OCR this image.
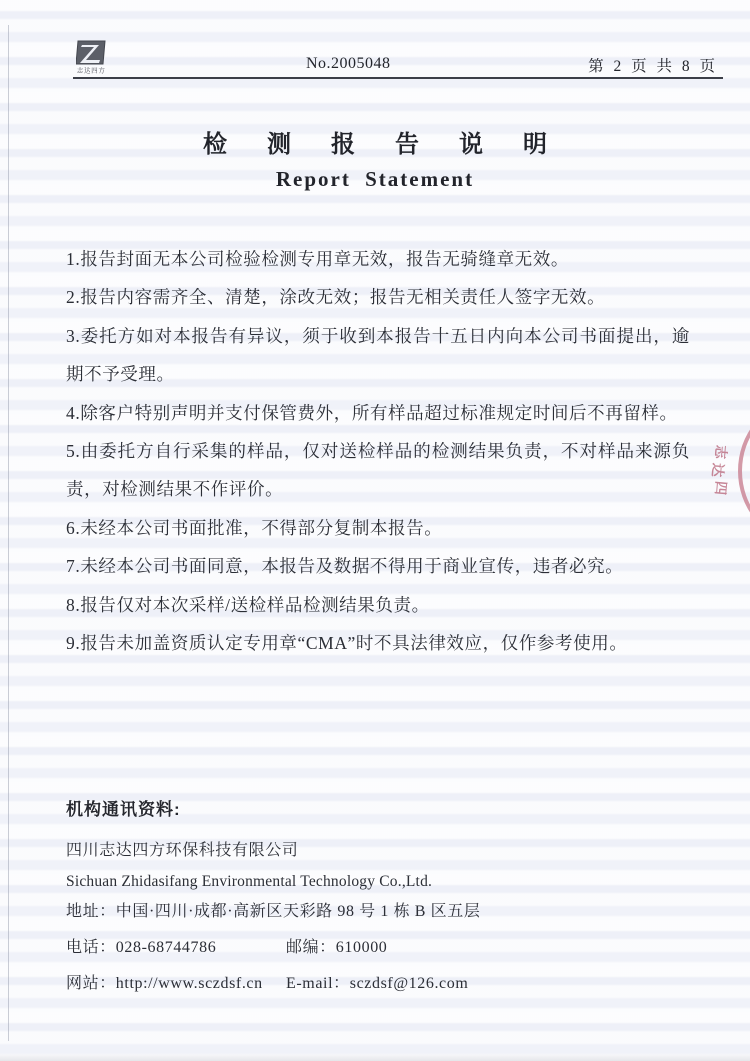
志达四方	No.2005048	第 2 页 共 8 页
检 测 报 告 说 明
Report Statement

1.报告封面无本公司检验检测专用章无效，报告无骑缝章无效。

2.报告内容需齐全、清楚，涂改无效；报告无相关责任人签字无效。

3.委托方如对本报告有异议，须于收到本报告十五日内向本公司书面提出，逾期不予受理。

4.除客户特别声明并支付保管费外，所有样品超过标准规定时间后不再留样。

5.由委托方自行采集的样品，仅对送检样品的检测结果负责，不对样品来源负责，对检测结果不作评价。

6.未经本公司书面批准，不得部分复制本报告。

7.未经本公司书面同意，本报告及数据不得用于商业宣传，违者必究。

8.报告仅对本次采样/送检样品检测结果负责。

9.报告未加盖资质认定专用章“CMA”时不具法律效应，仅作参考使用。

志
达
四

机构通讯资料:

四川志达四方环保科技有限公司

Sichuan Zhidasifang Environmental Technology Co.,Ltd.

地址：中国·四川·成都·高新区天彩路 98 号 1 栋 B 区五层

电话：028-68744786	邮编：610000
网站：http://www.sczdsf.cn	E-mail：sczdsf@126.com
